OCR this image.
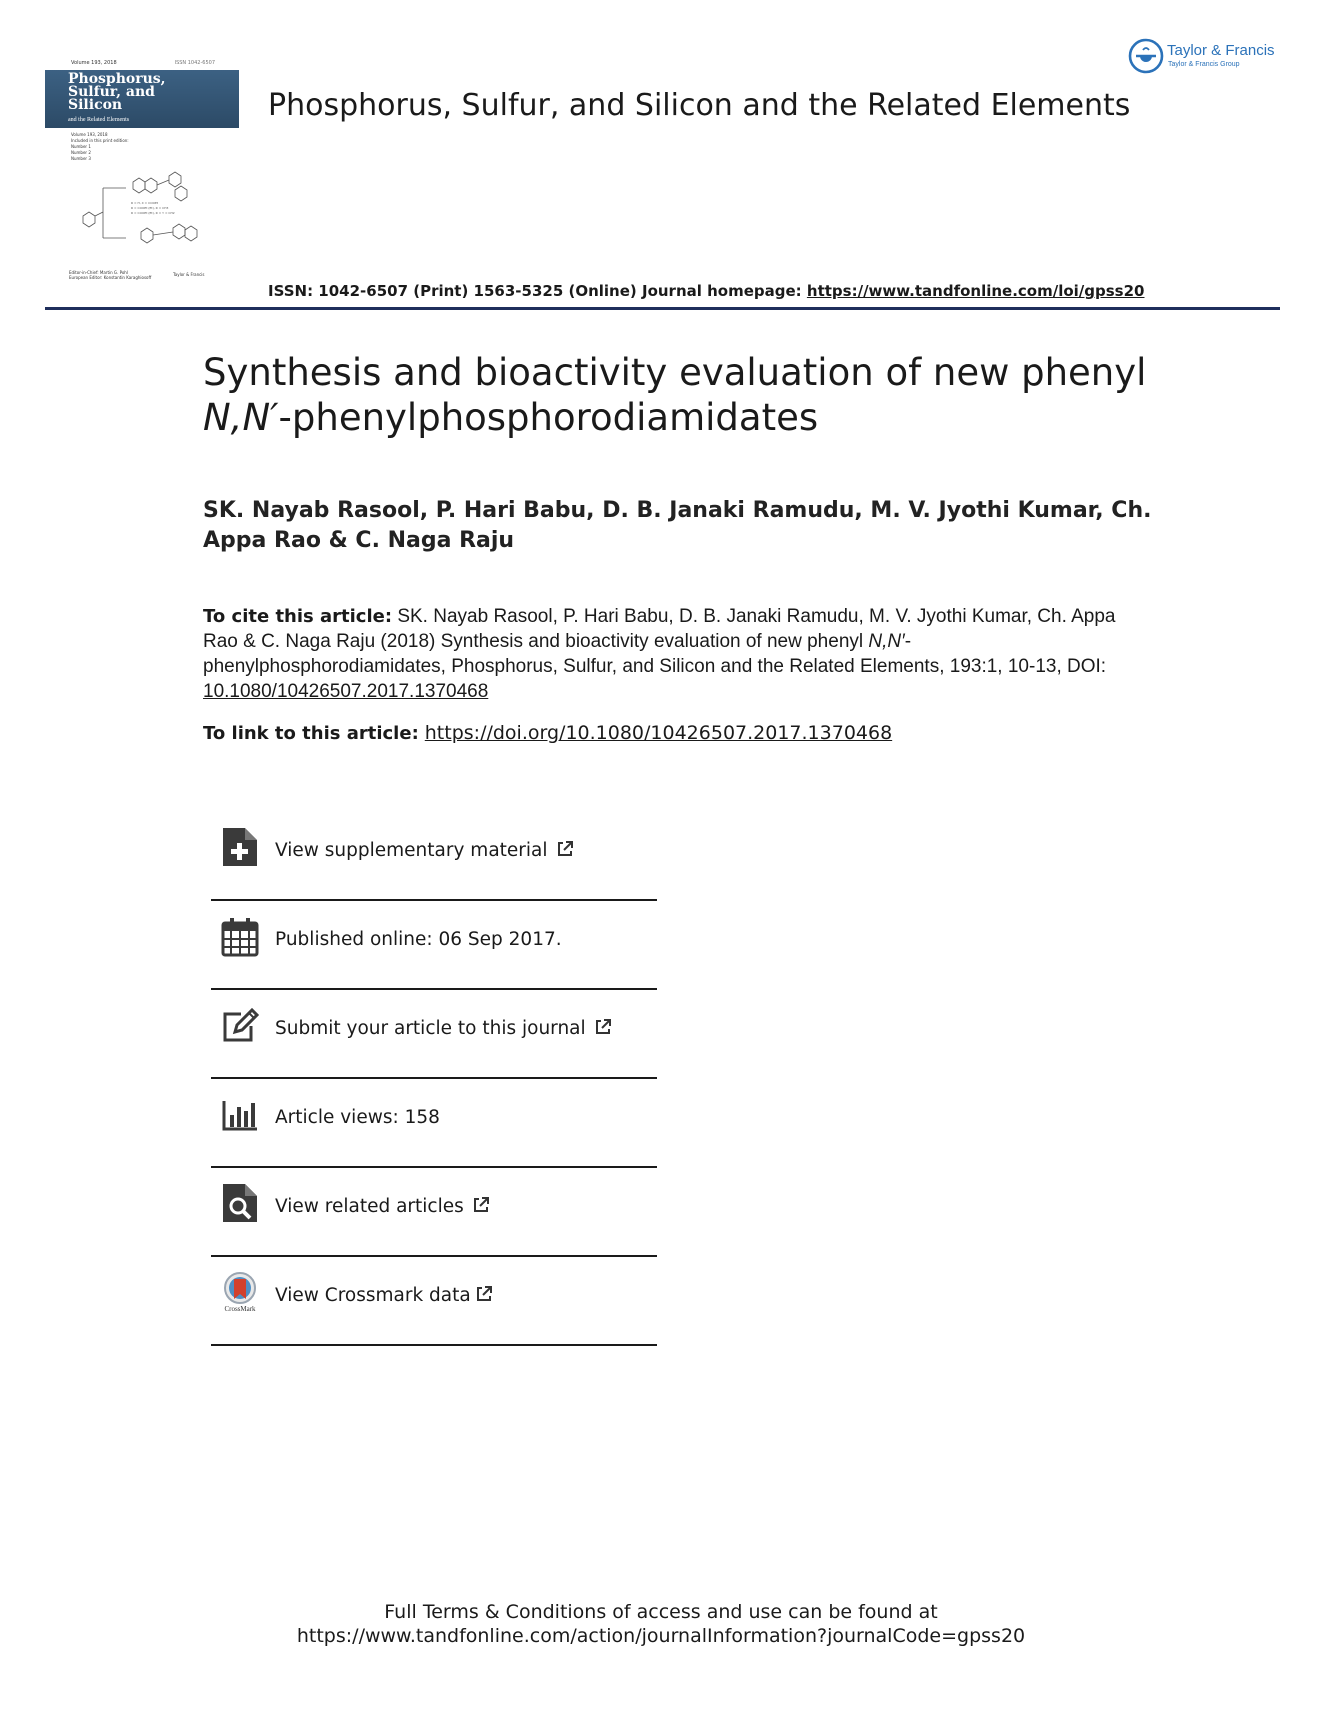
Volume 193, 2018	ISSN 1042-6507
Phosphorus,
Sulfur, and
Silicon
and the Related Elements
Volume 193, 2018
Included in this print edition:
Number 1
Number 2
Number 3
R = H, X = COOEt
R = COOEt (Et), R = CH3
R = COOEt (Et), R = Y = CH2
Editor-in-Chief: Martin G. Pohl
European Editor: Konstantin Karaghiosoff
Taylor & Francis
Taylor & Francis
Taylor & Francis Group
Phosphorus, Sulfur, and Silicon and the Related Elements
ISSN: 1042-6507 (Print) 1563-5325 (Online) Journal homepage: https://www.tandfonline.com/loi/gpss20
Synthesis and bioactivity evaluation of new phenyl
N,N′-phenylphosphorodiamidates
SK. Nayab Rasool, P. Hari Babu, D. B. Janaki Ramudu, M. V. Jyothi Kumar, Ch. Appa Rao & C. Naga Raju
To cite this article: SK. Nayab Rasool, P. Hari Babu, D. B. Janaki Ramudu, M. V. Jyothi Kumar, Ch. Appa Rao & C. Naga Raju (2018) Synthesis and bioactivity evaluation of new phenyl N,N′-phenylphosphorodiamidates, Phosphorus, Sulfur, and Silicon and the Related Elements, 193:1, 10-13, DOI: 10.1080/10426507.2017.1370468
To link to this article: https://doi.org/10.1080/10426507.2017.1370468
View supplementary material
Published online: 06 Sep 2017.
Submit your article to this journal
Article views: 158
View related articles
CrossMark
View Crossmark data
Full Terms & Conditions of access and use can be found at
https://www.tandfonline.com/action/journalInformation?journalCode=gpss20
